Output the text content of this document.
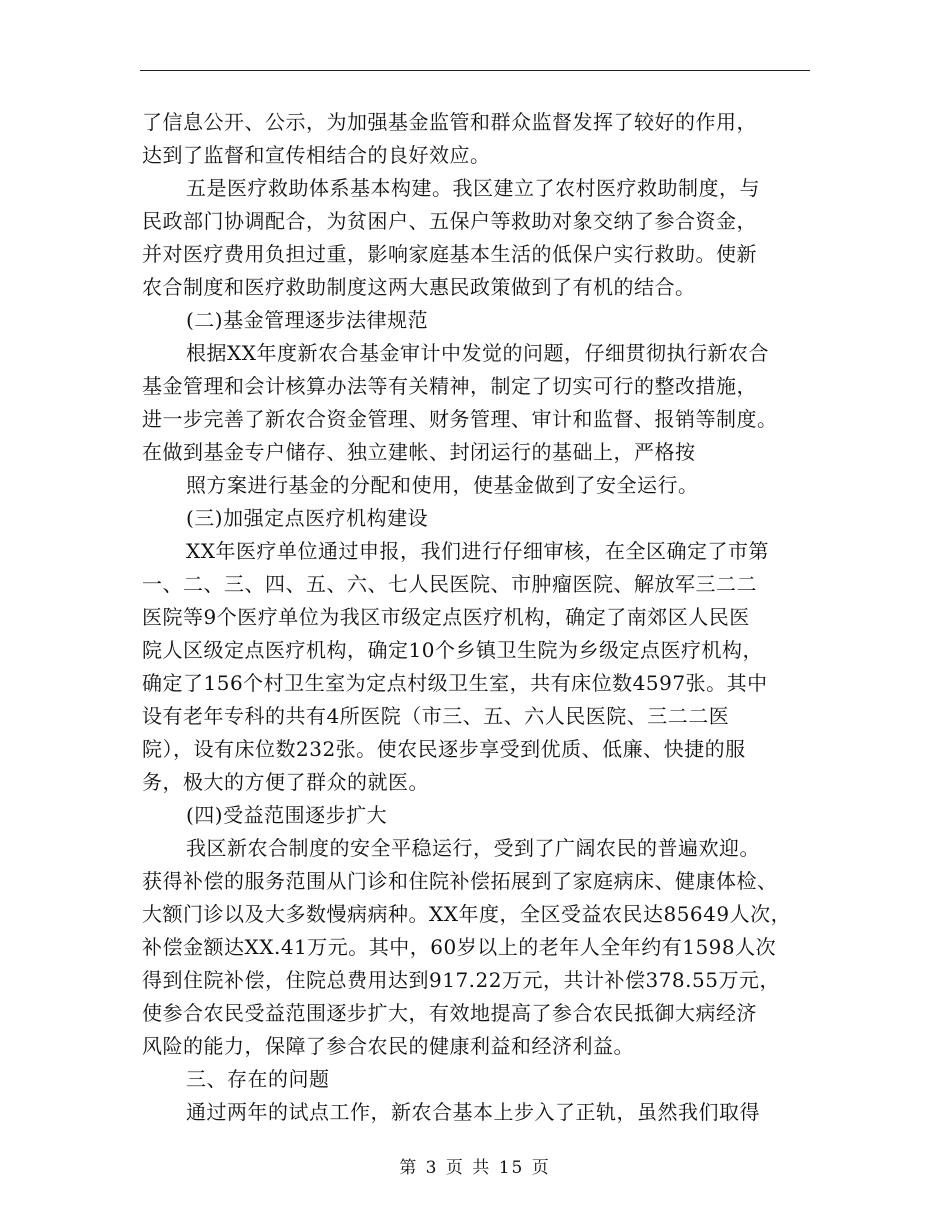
了信息公开、公示，为加强基金监管和群众监督发挥了较好的作用，
达到了监督和宣传相结合的良好效应。
五是医疗救助体系基本构建。我区建立了农村医疗救助制度，与
民政部门协调配合，为贫困户、五保户等救助对象交纳了参合资金，
并对医疗费用负担过重，影响家庭基本生活的低保户实行救助。使新
农合制度和医疗救助制度这两大惠民政策做到了有机的结合。
(二)基金管理逐步法律规范
根据XX年度新农合基金审计中发觉的问题，仔细贯彻执行新农合
基金管理和会计核算办法等有关精神，制定了切实可行的整改措施，
进一步完善了新农合资金管理、财务管理、审计和监督、报销等制度。
在做到基金专户储存、独立建帐、封闭运行的基础上，严格按
照方案进行基金的分配和使用，使基金做到了安全运行。
(三)加强定点医疗机构建设
XX年医疗单位通过申报，我们进行仔细审核，在全区确定了市第
一、二、三、四、五、六、七人民医院、市肿瘤医院、解放军三二二
医院等9个医疗单位为我区市级定点医疗机构，确定了南郊区人民医
院人区级定点医疗机构，确定10个乡镇卫生院为乡级定点医疗机构，
确定了156个村卫生室为定点村级卫生室，共有床位数4597张。其中
设有老年专科的共有4所医院（市三、五、六人民医院、三二二医
院），设有床位数232张。使农民逐步享受到优质、低廉、快捷的服
务，极大的方便了群众的就医。
(四)受益范围逐步扩大
我区新农合制度的安全平稳运行，受到了广阔农民的普遍欢迎。
获得补偿的服务范围从门诊和住院补偿拓展到了家庭病床、健康体检、
大额门诊以及大多数慢病病种。XX年度，全区受益农民达85649人次，
补偿金额达XX.41万元。其中，60岁以上的老年人全年约有1598人次
得到住院补偿，住院总费用达到917.22万元，共计补偿378.55万元，
使参合农民受益范围逐步扩大，有效地提高了参合农民抵御大病经济
风险的能力，保障了参合农民的健康利益和经济利益。
三、存在的问题
通过两年的试点工作，新农合基本上步入了正轨，虽然我们取得
第 3 页 共 15 页
